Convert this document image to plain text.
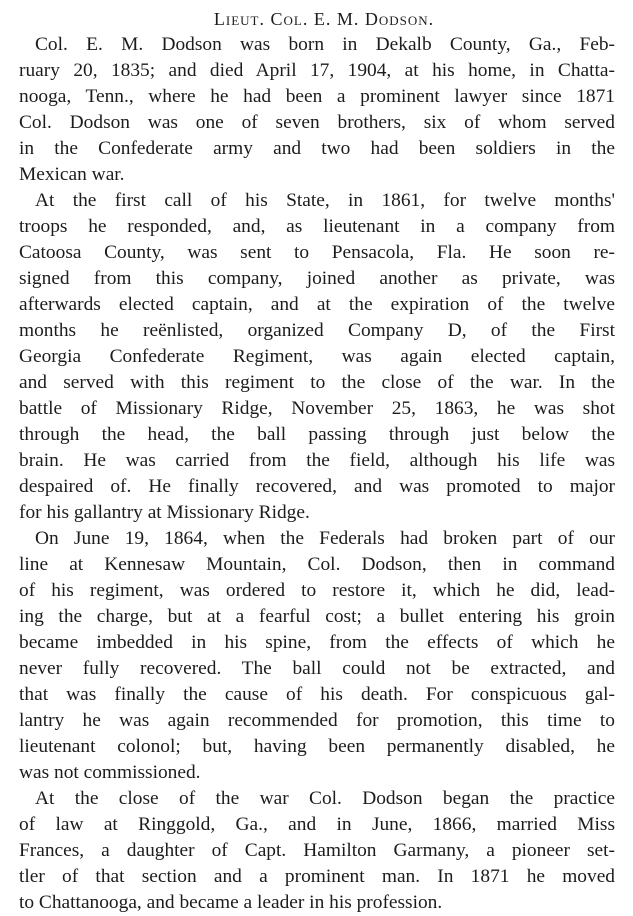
Lieut. Col. E. M. Dodson.
Col. E. M. Dodson was born in Dekalb County, Ga., Feb-
ruary 20, 1835; and died April 17, 1904, at his home, in Chatta-
nooga, Tenn., where he had been a prominent lawyer since 1871
Col. Dodson was one of seven brothers, six of whom served
in the Confederate army and two had been soldiers in the
Mexican war.
At the first call of his State, in 1861, for twelve months'
troops he responded, and, as lieutenant in a company from
Catoosa County, was sent to Pensacola, Fla. He soon re-
signed from this company, joined another as private, was
afterwards elected captain, and at the expiration of the twelve
months he reënlisted, organized Company D, of the First
Georgia Confederate Regiment, was again elected captain,
and served with this regiment to the close of the war. In the
battle of Missionary Ridge, November 25, 1863, he was shot
through the head, the ball passing through just below the
brain. He was carried from the field, although his life was
despaired of. He finally recovered, and was promoted to major
for his gallantry at Missionary Ridge.
On June 19, 1864, when the Federals had broken part of our
line at Kennesaw Mountain, Col. Dodson, then in command
of his regiment, was ordered to restore it, which he did, lead-
ing the charge, but at a fearful cost; a bullet entering his groin
became imbedded in his spine, from the effects of which he
never fully recovered. The ball could not be extracted, and
that was finally the cause of his death. For conspicuous gal-
lantry he was again recommended for promotion, this time to
lieutenant colonol; but, having been permanently disabled, he
was not commissioned.
At the close of the war Col. Dodson began the practice
of law at Ringgold, Ga., and in June, 1866, married Miss
Frances, a daughter of Capt. Hamilton Garmany, a pioneer set-
tler of that section and a prominent man. In 1871 he moved
to Chattanooga, and became a leader in his profession.
